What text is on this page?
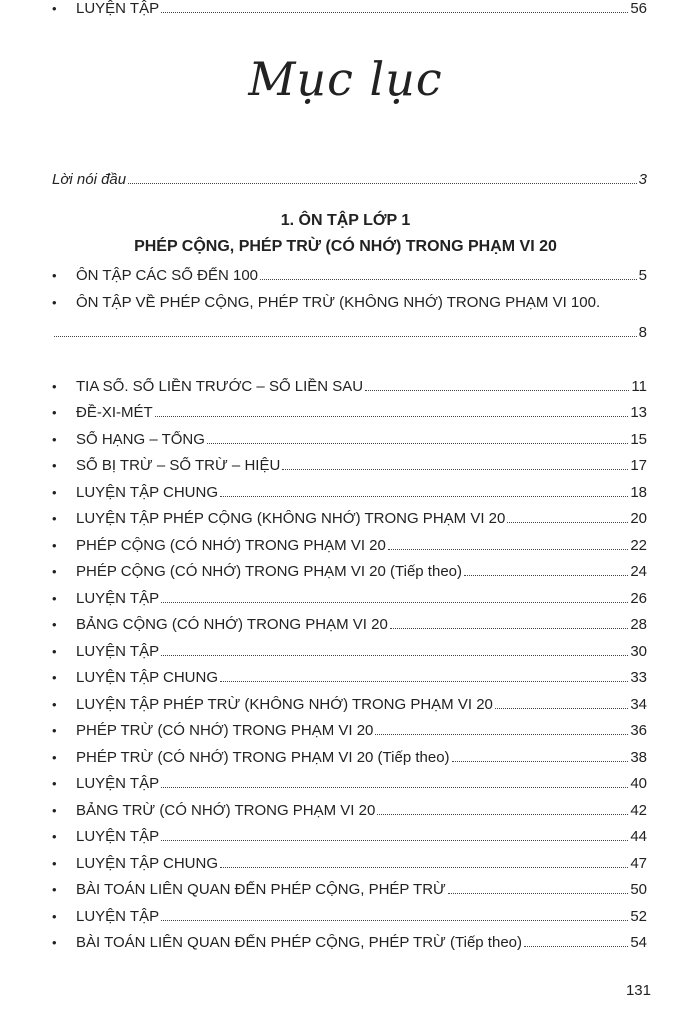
Mục lục
Lời nói đầu	3
1. ÔN TẬP LỚP 1
PHÉP CỘNG, PHÉP TRỪ (CÓ NHỚ) TRONG PHẠM VI 20
•	ÔN TẬP CÁC SỐ ĐẾN 100	5
• ÔN TẬP VỀ PHÉP CỘNG, PHÉP TRỪ (KHÔNG NHỚ) TRONG PHẠM VI 100.
8
•	TIA SỐ. SỐ LIỀN TRƯỚC – SỐ LIỀN SAU	11
•	ĐỀ-XI-MÉT	13
•	SỐ HẠNG – TỔNG	15
•	SỐ BỊ TRỪ – SỐ TRỪ – HIỆU	17
•	LUYỆN TẬP CHUNG	18
•	LUYỆN TẬP PHÉP CỘNG (KHÔNG NHỚ) TRONG PHẠM VI 20	20
•	PHÉP CỘNG (CÓ NHỚ) TRONG PHẠM VI 20	22
•	PHÉP CỘNG (CÓ NHỚ) TRONG PHẠM VI 20 (Tiếp theo)	24
•	LUYỆN TẬP	26
•	BẢNG CỘNG (CÓ NHỚ) TRONG PHẠM VI 20	28
•	LUYỆN TẬP	30
•	LUYỆN TẬP CHUNG	33
•	LUYỆN TẬP PHÉP TRỪ (KHÔNG NHỚ) TRONG PHẠM VI 20	34
•	PHÉP TRỪ (CÓ NHỚ) TRONG PHẠM VI 20	36
•	PHÉP TRỪ (CÓ NHỚ) TRONG PHẠM VI 20 (Tiếp theo)	38
•	LUYỆN TẬP	40
•	BẢNG TRỪ (CÓ NHỚ) TRONG PHẠM VI 20	42
•	LUYỆN TẬP	44
•	LUYỆN TẬP CHUNG	47
•	BÀI TOÁN LIÊN QUAN ĐẾN PHÉP CỘNG, PHÉP TRỪ	50
•	LUYỆN TẬP	52
•	BÀI TOÁN LIÊN QUAN ĐẾN PHÉP CỘNG, PHÉP TRỪ (Tiếp theo)	54
•	LUYỆN TẬP	56
131
